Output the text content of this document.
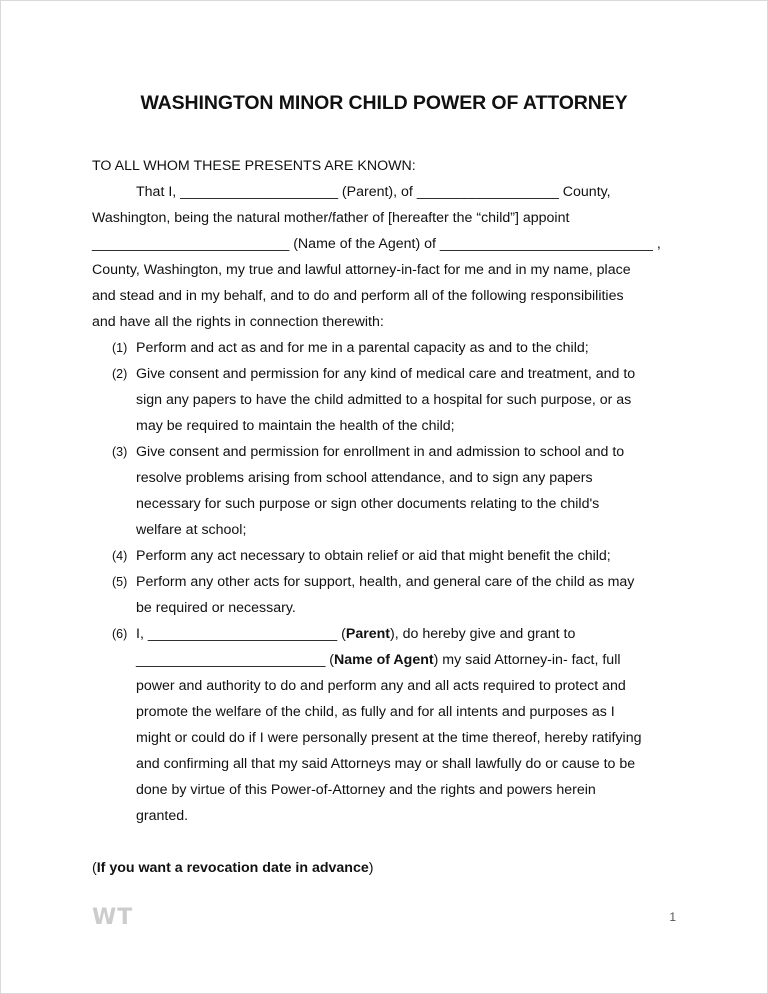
WASHINGTON MINOR CHILD POWER OF ATTORNEY
TO ALL WHOM THESE PRESENTS ARE KNOWN:
That I, ____________________ (Parent), of __________________ County,
Washington, being the natural mother/father of [hereafter the “child”] appoint
_________________________ (Name of the Agent) of ___________________________ ,
County, Washington, my true and lawful attorney-in-fact for me and in my name, place
and stead and in my behalf, and to do and perform all of the following responsibilities
and have all the rights in connection therewith:
(1) Perform and act as and for me in a parental capacity as and to the child;
(2) Give consent and permission for any kind of medical care and treatment, and to
sign any papers to have the child admitted to a hospital for such purpose, or as
may be required to maintain the health of the child;
(3) Give consent and permission for enrollment in and admission to school and to
resolve problems arising from school attendance, and to sign any papers
necessary for such purpose or sign other documents relating to the child's
welfare at school;
(4) Perform any act necessary to obtain relief or aid that might benefit the child;
(5) Perform any other acts for support, health, and general care of the child as may
be required or necessary.
(6) I, ________________________ (Parent), do hereby give and grant to
________________________ (Name of Agent) my said Attorney-in- fact, full
power and authority to do and perform any and all acts required to protect and
promote the welfare of the child, as fully and for all intents and purposes as I
might or could do if I were personally present at the time thereof, hereby ratifying
and confirming all that my said Attorneys may or shall lawfully do or cause to be
done by virtue of this Power-of-Attorney and the rights and powers herein
granted.
(If you want a revocation date in advance)
WT	1
